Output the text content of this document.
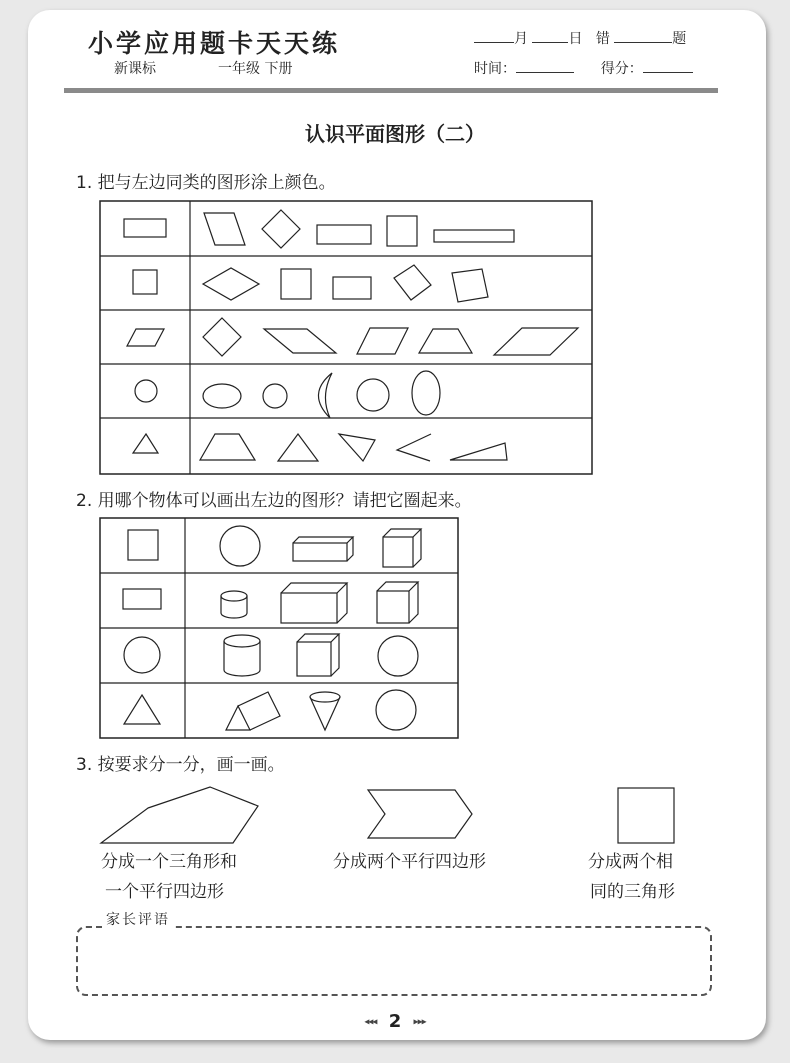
小学应用题卡天天练
新课标	一年级 下册
月	日 错	题
时间：	得分：
认识平面图形（二）
1. 把与左边同类的图形涂上颜色。
2. 用哪个物体可以画出左边的图形？请把它圈起来。
3. 按要求分一分，画一画。
分成一个三角形和
一个平行四边形
分成两个平行四边形	分成两个相
同的三角形
家长评语
◂◂◂ 2 ▸▸▸
